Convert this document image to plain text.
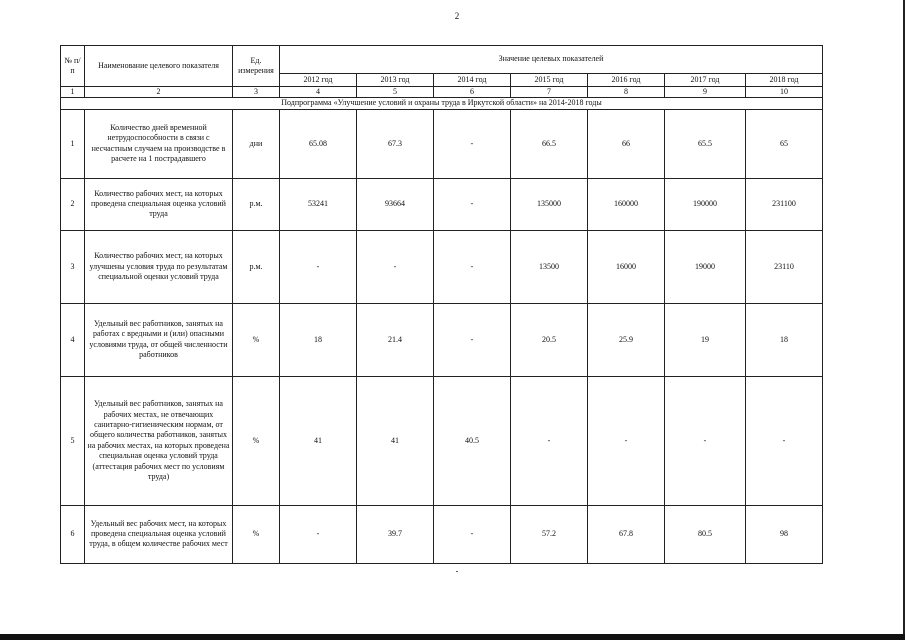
2
№ п/п	Наименование целевого показателя	Ед. измерения	Значение целевых показателей						
			2012 год	2013 год	2014 год	2015 год	2016 год	2017 год	2018 год
1	2	3	4	5	6	7	8	9	10
Подпрограмма «Улучшение условий и охраны труда в Иркутской области» на 2014-2018 годы									
1	Количество дней временной нетрудоспособности в связи с несчастным случаем на производстве в расчете на 1 пострадавшего	дни	65.08	67.3	-	66.5	66	65.5	65
2	Количество рабочих мест, на которых проведена специальная оценка условий труда	р.м.	53241	93664	-	135000	160000	190000	231100
3	Количество рабочих мест, на которых улучшены условия труда по результатам специальной оценки условий труда	р.м.	-	-	-	13500	16000	19000	23110
4	Удельный вес работников, занятых на работах с вредными и (или) опасными условиями труда, от общей численности работников	%	18	21.4	-	20.5	25.9	19	18
5	Удельный вес работников, занятых на рабочих местах, не отвечающих санитарно-гигиеническим нормам, от общего количества работников, занятых на рабочих местах, на которых проведена специальная оценка условий труда (аттестация рабочих мест по условиям труда)	%	41	41	40.5	-	-	-	-
6	Удельный вес рабочих мест, на которых проведена специальная оценка условий труда, в общем количестве рабочих мест	%	-	39.7	-	57.2	67.8	80.5	98
